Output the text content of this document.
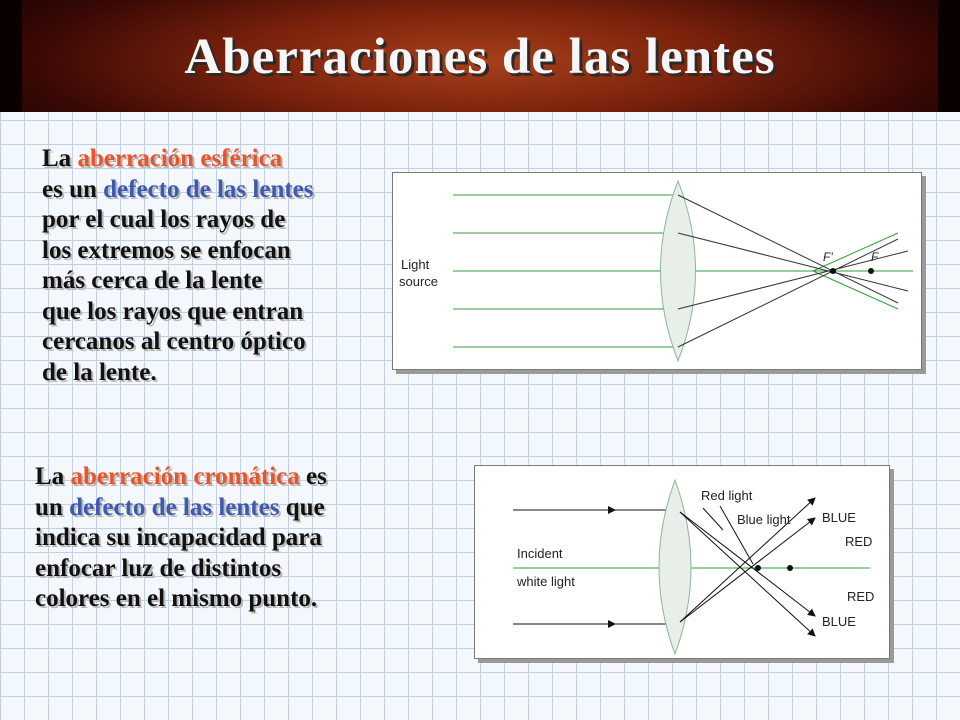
Aberraciones de las lentes
La aberración esférica
es un defecto de las lentes
por el cual los rayos de
los extremos se enfocan
más cerca de la lente
que los rayos que entran
cercanos al centro óptico
de la lente.
F'	F
Light
source
La aberración cromática es
un defecto de las lentes que
indica su incapacidad para
enfocar luz de distintos
colores en el mismo punto.
Red light
Blue light BLUE
RED
RED
BLUE
Incident
white light
